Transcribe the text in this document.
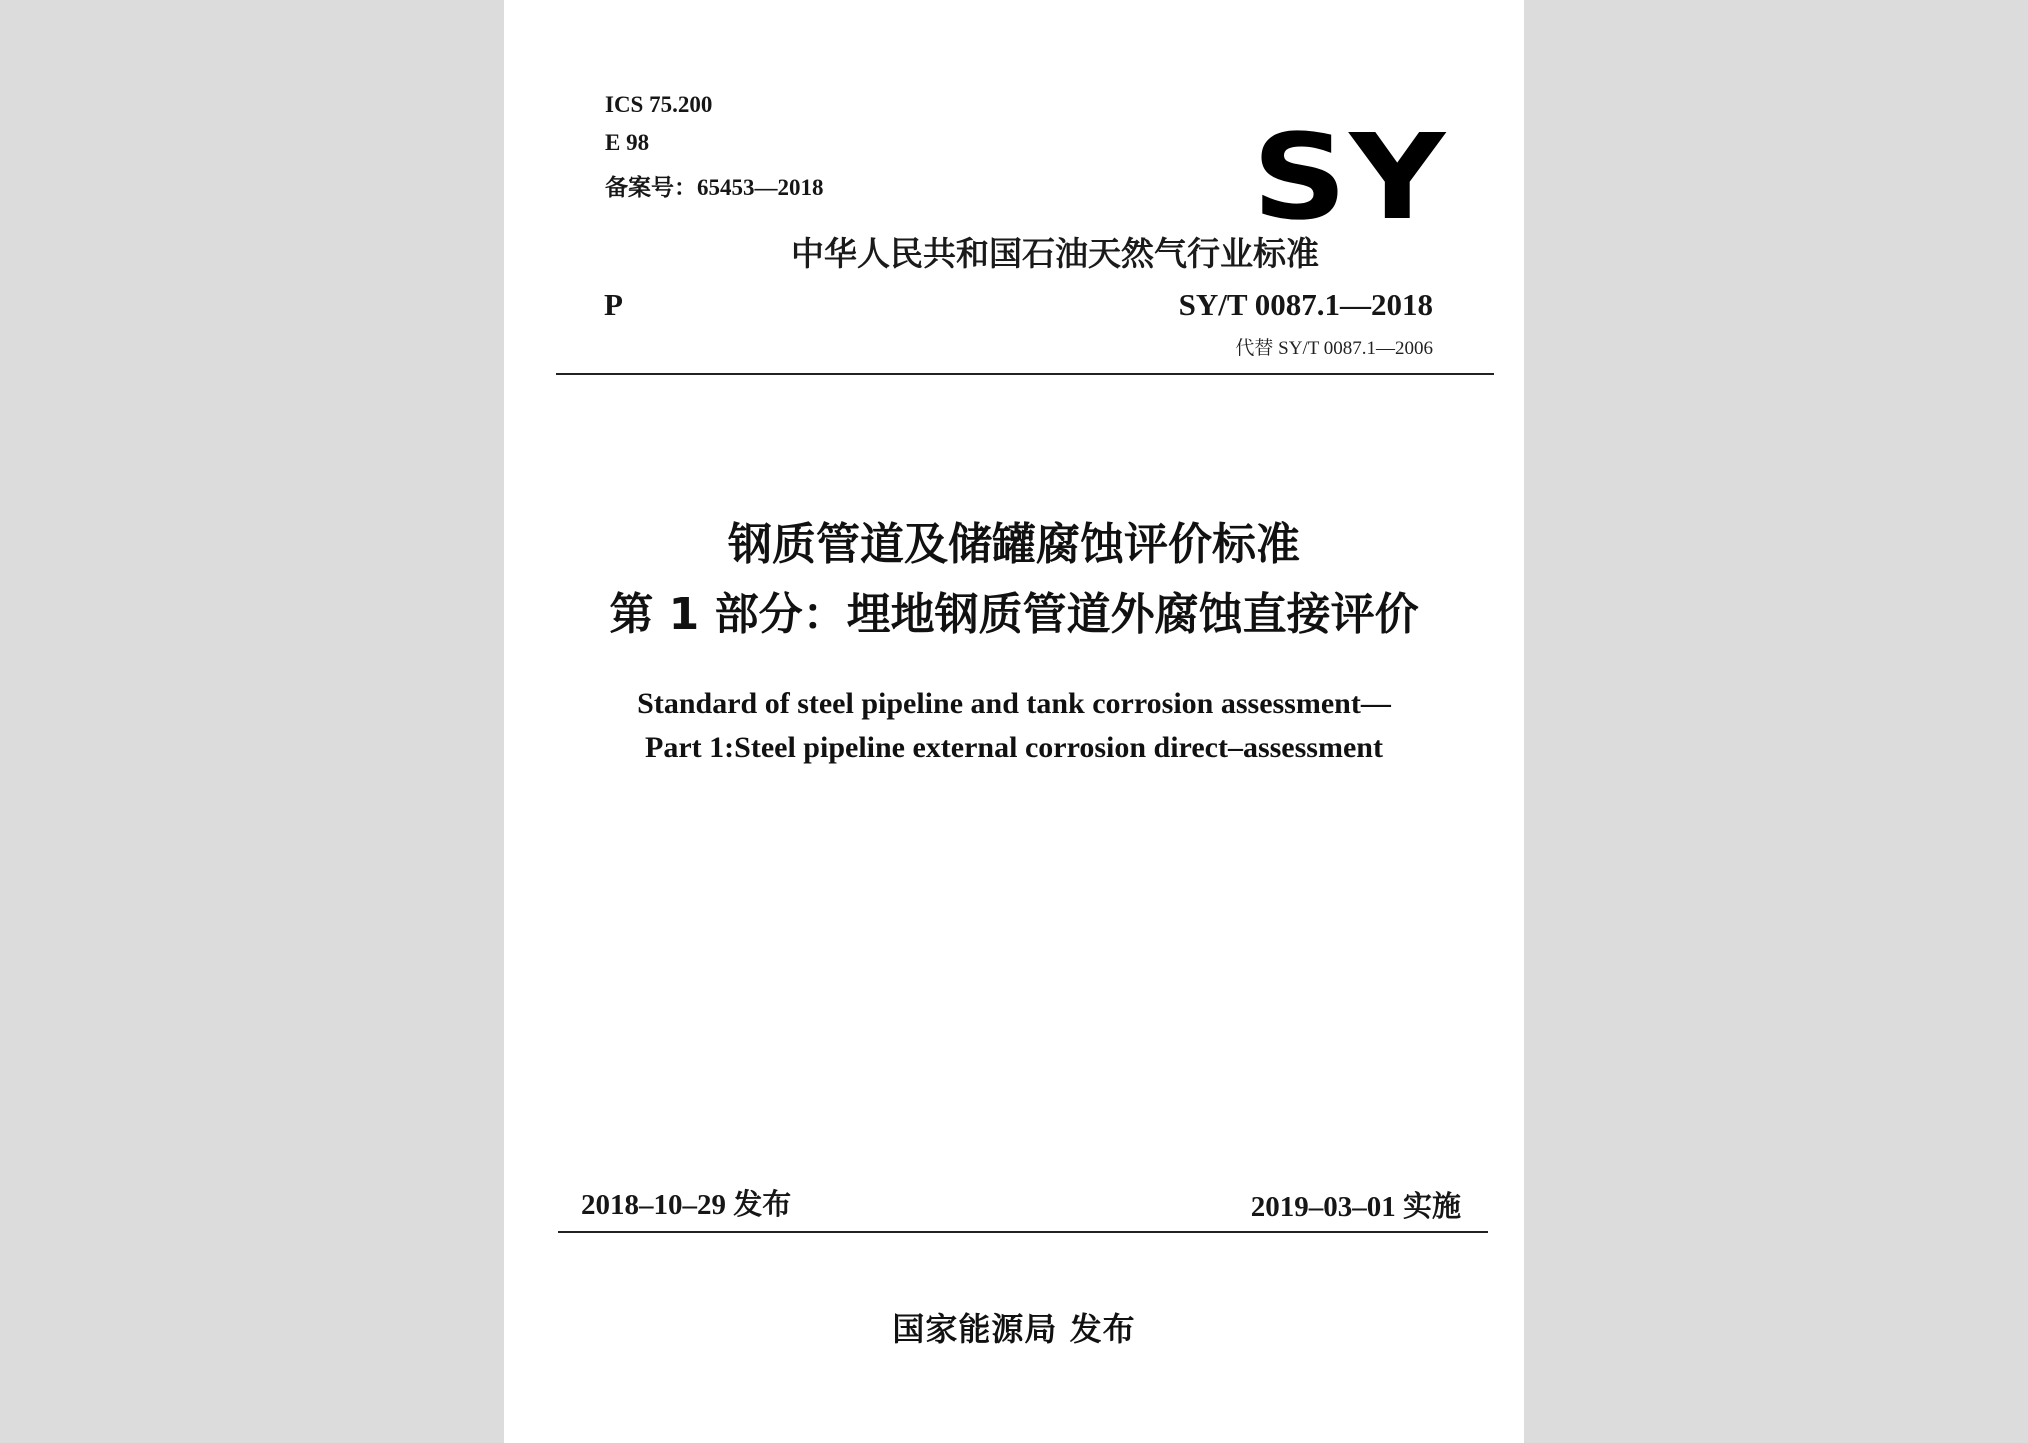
ICS 75.200
E 98
备案号：65453—2018	SY
中华人民共和国石油天然气行业标准
P	SY/T 0087.1—2018
代替 SY/T 0087.1—2006
钢质管道及储罐腐蚀评价标准
第 1 部分：埋地钢质管道外腐蚀直接评价
Standard of steel pipeline and tank corrosion assessment—
Part 1:Steel pipeline external corrosion direct–assessment
2018–10–29 发布	2019–03–01 实施
国家能源局 发布
